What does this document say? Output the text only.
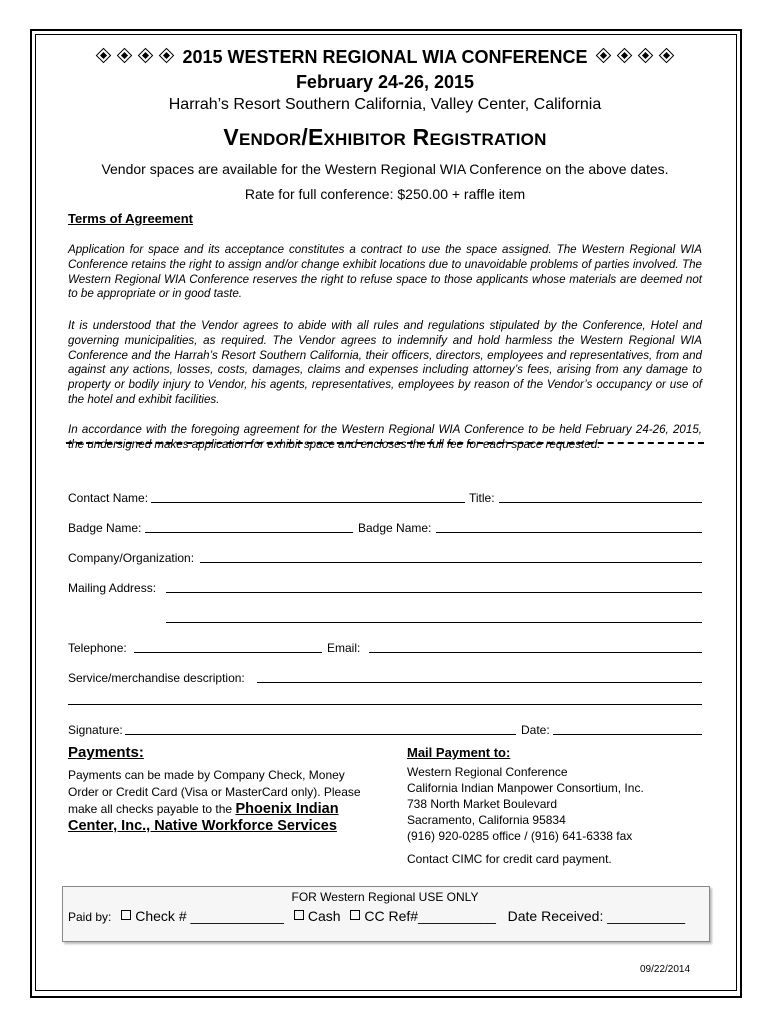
2015 WESTERN REGIONAL WIA CONFERENCE
February 24-26, 2015
Harrah’s Resort Southern California, Valley Center, California
VENDOR/EXHIBITOR REGISTRATION
Vendor spaces are available for the Western Regional WIA Conference on the above dates.
Rate for full conference: $250.00 + raffle item
Terms of Agreement
Application for space and its acceptance constitutes a contract to use the space assigned. The Western Regional WIA Conference retains the right to assign and/or change exhibit locations due to unavoidable problems of parties involved. The Western Regional WIA Conference reserves the right to refuse space to those applicants whose materials are deemed not to be appropriate or in good taste.
It is understood that the Vendor agrees to abide with all rules and regulations stipulated by the Conference, Hotel and governing municipalities, as required. The Vendor agrees to indemnify and hold harmless the Western Regional WIA Conference and the Harrah’s Resort Southern California, their officers, directors, employees and representatives, from and against any actions, losses, costs, damages, claims and expenses including attorney’s fees, arising from any damage to property or bodily injury to Vendor, his agents, representatives, employees by reason of the Vendor’s occupancy or use of the hotel and exhibit facilities.
In accordance with the foregoing agreement for the Western Regional WIA Conference to be held February 24-26, 2015, the undersigned makes application for exhibit space and encloses the full fee for each space requested.
Contact Name:	Title:
Badge Name:	Badge Name:
Company/Organization:
Mailing Address:
Telephone:	Email:
Service/merchandise description:
Signature:	Date:
Payments:
Payments can be made by Company Check, Money Order or Credit Card (Visa or MasterCard only). Please make all checks payable to the Phoenix Indian Center, Inc., Native Workforce Services
Mail Payment to:
Western Regional Conference
California Indian Manpower Consortium, Inc.
738 North Market Boulevard
Sacramento, California 95834
(916) 920-0285 office / (916) 641-6338 fax
Contact CIMC for credit card payment.
FOR Western Regional USE ONLY
Paid by: Check # ____________ Cash CC Ref#__________ Date Received: __________
09/22/2014
